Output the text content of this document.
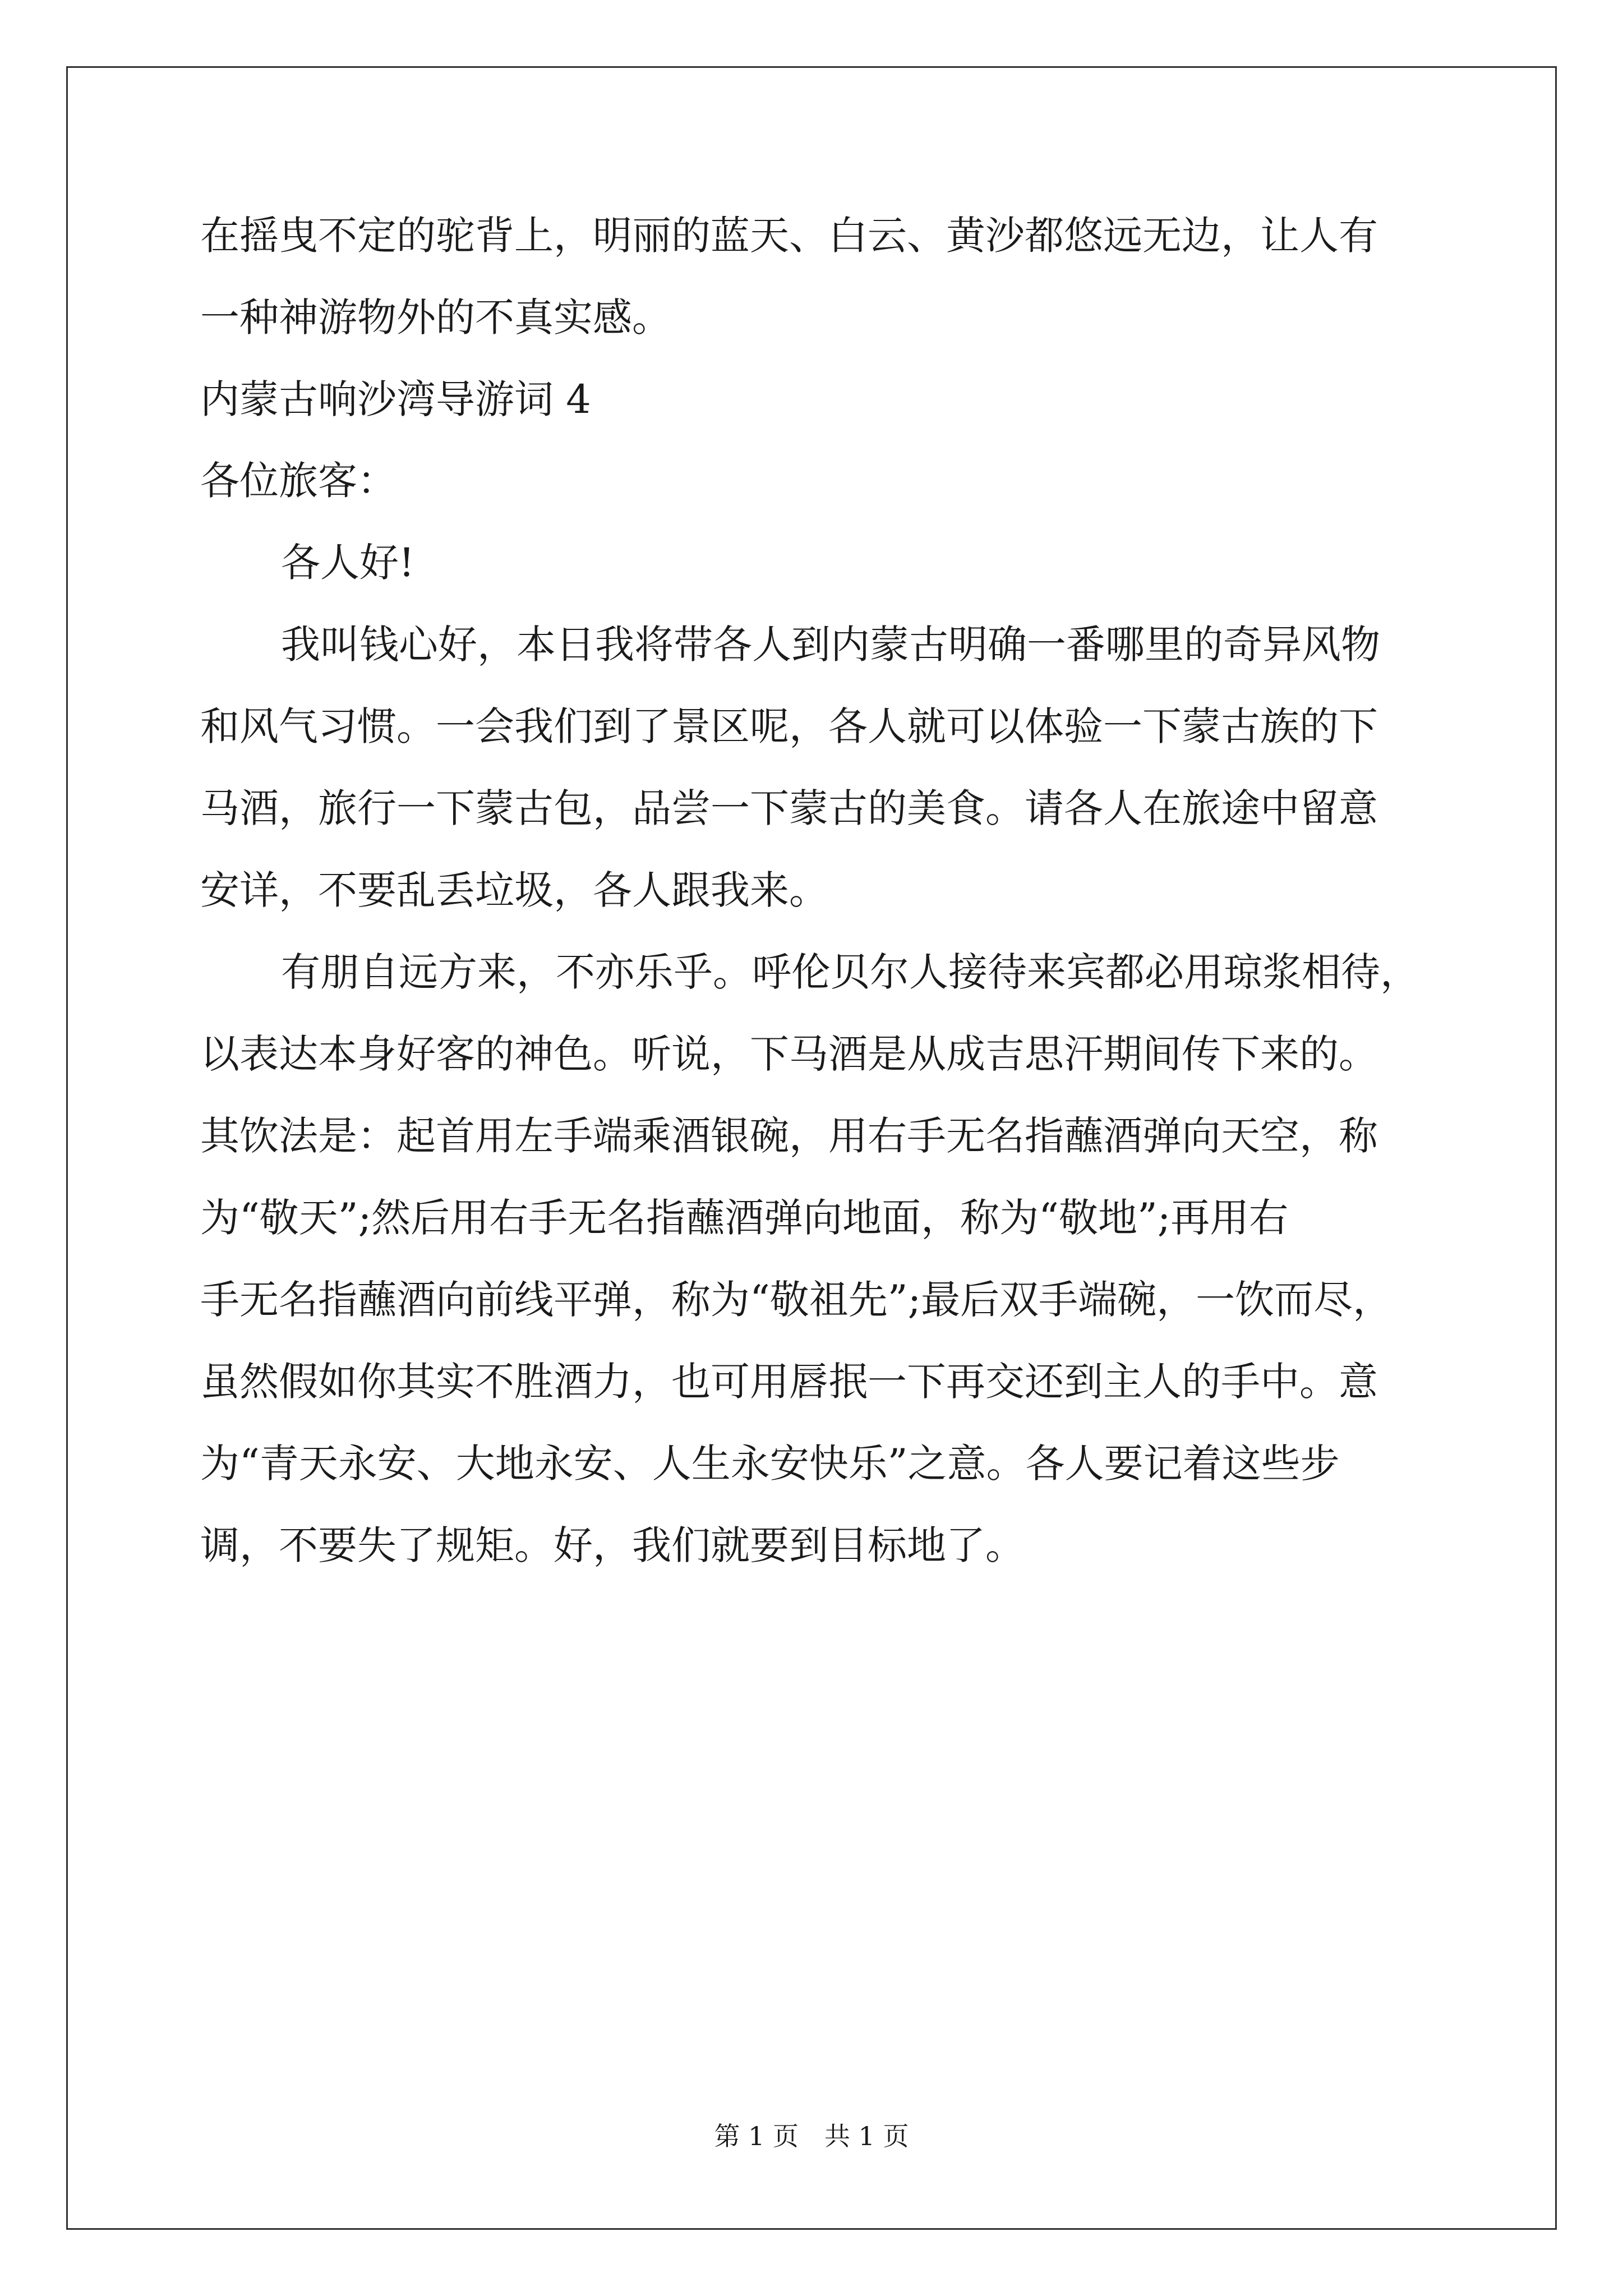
在摇曳不定的驼背上，明丽的蓝天、白云、黄沙都悠远无边，让人有

一种神游物外的不真实感。

内蒙古响沙湾导游词 4

各位旅客：

各人好!

我叫钱心好，本日我将带各人到内蒙古明确一番哪里的奇异风物

和风气习惯。一会我们到了景区呢，各人就可以体验一下蒙古族的下

马酒，旅行一下蒙古包，品尝一下蒙古的美食。请各人在旅途中留意

安详，不要乱丢垃圾，各人跟我来。

有朋自远方来，不亦乐乎。呼伦贝尔人接待来宾都必用琼浆相待，

以表达本身好客的神色。听说，下马酒是从成吉思汗期间传下来的。

其饮法是：起首用左手端乘酒银碗，用右手无名指蘸酒弹向天空，称

为“敬天”;然后用右手无名指蘸酒弹向地面，称为“敬地”;再用右

手无名指蘸酒向前线平弹，称为“敬祖先”;最后双手端碗，一饮而尽，

虽然假如你其实不胜酒力，也可用唇抿一下再交还到主人的手中。意

为“青天永安、大地永安、人生永安快乐”之意。各人要记着这些步

调，不要失了规矩。好，我们就要到目标地了。

第 1 页　共 1 页
